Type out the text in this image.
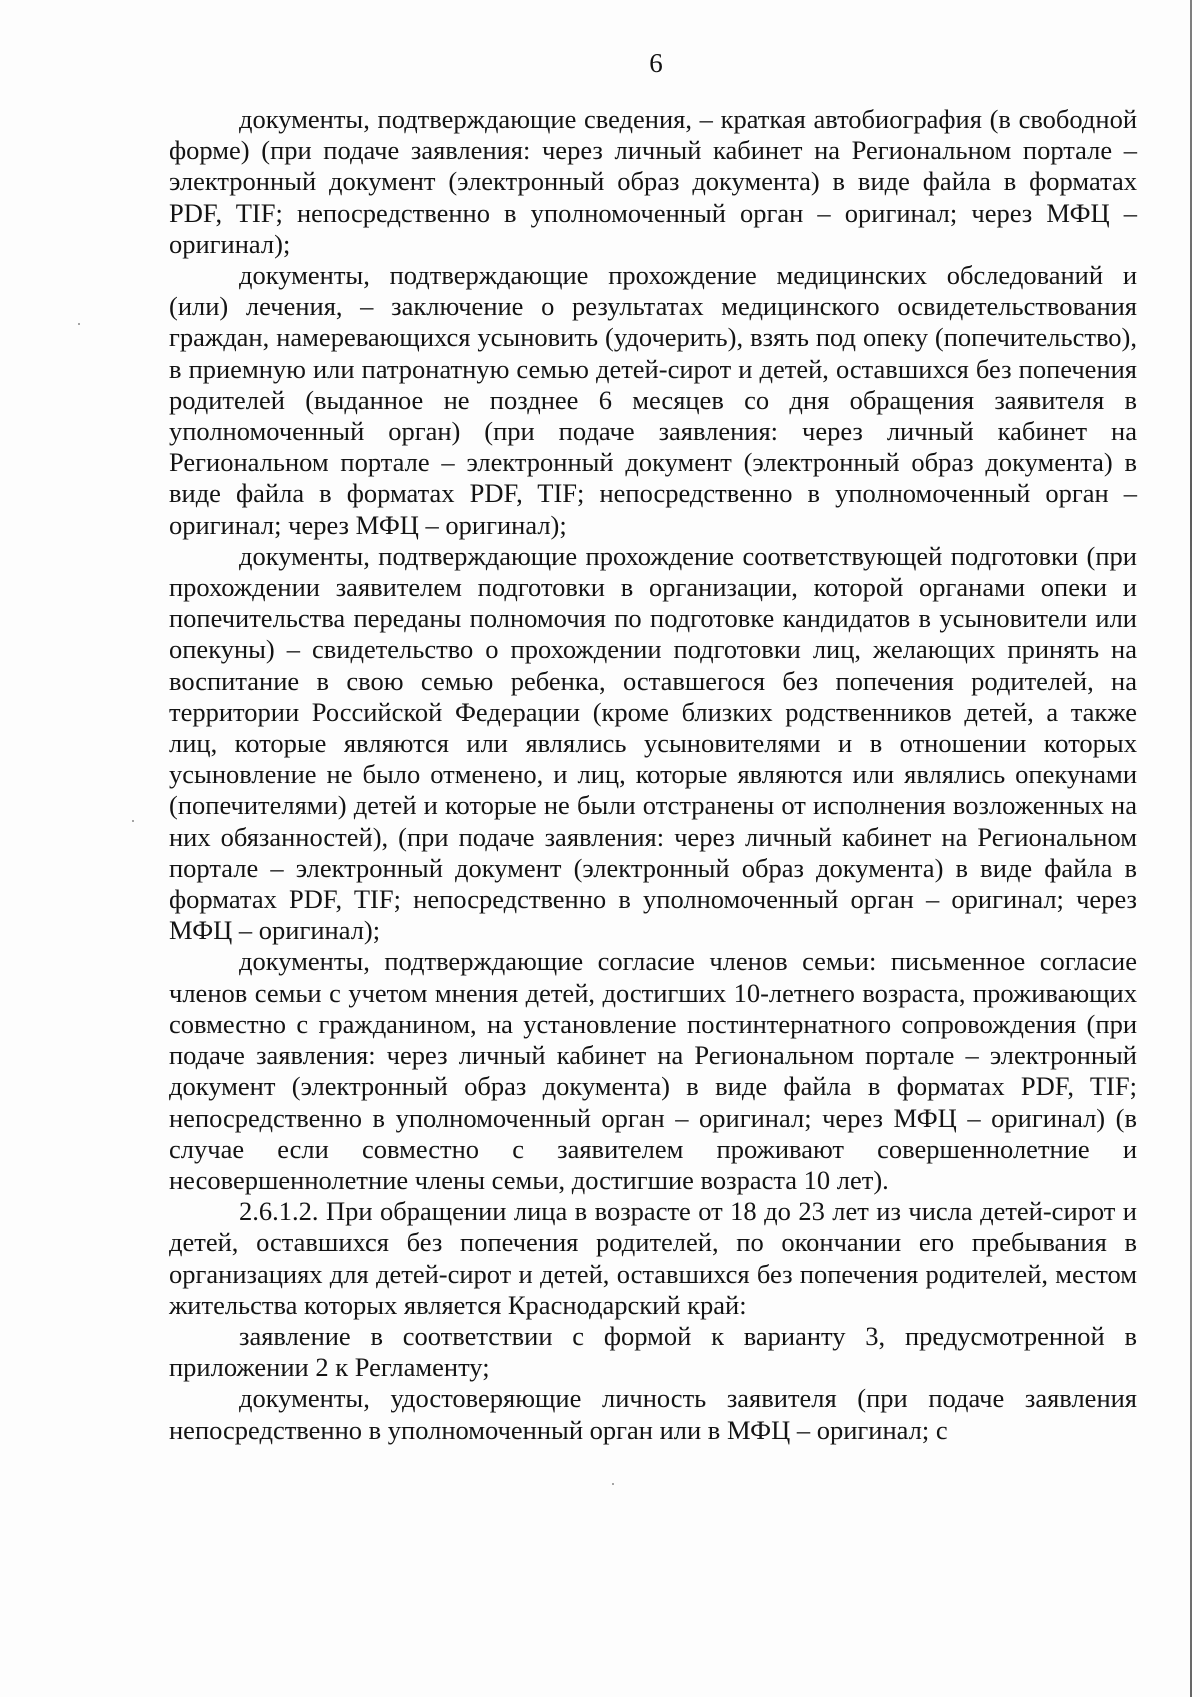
6

документы, подтверждающие сведения, – краткая автобиография (в свободной форме) (при подаче заявления: через личный кабинет на Региональном портале – электронный документ (электронный образ документа) в виде файла в форматах PDF, TIF; непосредственно в уполномоченный орган – оригинал; через МФЦ – оригинал);

документы, подтверждающие прохождение медицинских обследований и (или) лечения, – заключение о результатах медицинского освидетельствования граждан, намеревающихся усыновить (удочерить), взять под опеку (попечительство), в приемную или патронатную семью детей-сирот и детей, оставшихся без попечения родителей (выданное не позднее 6 месяцев со дня обращения заявителя в уполномоченный орган) (при подаче заявления: через личный кабинет на Региональном портале – электронный документ (электронный образ документа) в виде файла в форматах PDF, TIF; непосредственно в уполномоченный орган – оригинал; через МФЦ – оригинал);

документы, подтверждающие прохождение соответствующей подготовки (при прохождении заявителем подготовки в организации, которой органами опеки и попечительства переданы полномочия по подготовке кандидатов в усыновители или опекуны) – свидетельство о прохождении подготовки лиц, желающих принять на воспитание в свою семью ребенка, оставшегося без попечения родителей, на территории Российской Федерации (кроме близких родственников детей, а также лиц, которые являются или являлись усыновителями и в отношении которых усыновление не было отменено, и лиц, которые являются или являлись опекунами (попечителями) детей и которые не были отстранены от исполнения возложенных на них обязанностей), (при подаче заявления: через личный кабинет на Региональном портале – электронный документ (электронный образ документа) в виде файла в форматах PDF, TIF; непосредственно в уполномоченный орган – оригинал; через МФЦ – оригинал);

документы, подтверждающие согласие членов семьи: письменное согласие членов семьи с учетом мнения детей, достигших 10-летнего возраста, проживающих совместно с гражданином, на установление постинтернатного сопровождения (при подаче заявления: через личный кабинет на Региональном портале – электронный документ (электронный образ документа) в виде файла в форматах PDF, TIF; непосредственно в уполномоченный орган – оригинал; через МФЦ – оригинал) (в случае если совместно с заявителем проживают совершеннолетние и несовершеннолетние члены семьи, достигшие возраста 10 лет).

2.6.1.2. При обращении лица в возрасте от 18 до 23 лет из числа детей-сирот и детей, оставшихся без попечения родителей, по окончании его пребывания в организациях для детей-сирот и детей, оставшихся без попечения родителей, местом жительства которых является Краснодарский край:

заявление в соответствии с формой к варианту 3, предусмотренной в приложении 2 к Регламенту;

документы, удостоверяющие личность заявителя (при подаче заявления непосредственно в уполномоченный орган или в МФЦ – оригинал; с
